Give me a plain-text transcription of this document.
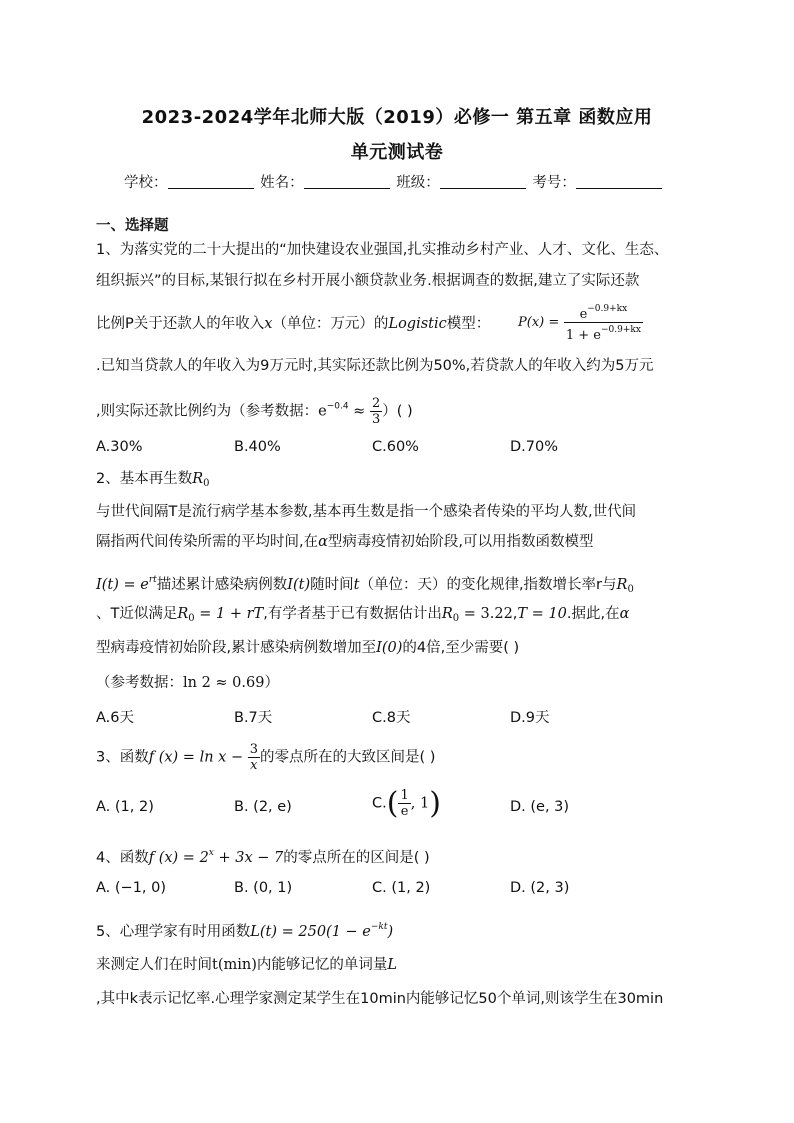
2023-2024学年北师大版（2019）必修一 第五章 函数应用
单元测试卷
学校：	姓名：	班级：	考号：
一、选择题
1、为落实党的二十大提出的“加快建设农业强国,扎实推动乡村产业、人才、文化、生态、
组织振兴”的目标,某银行拟在乡村开展小额贷款业务.根据调查的数据,建立了实际还款
比例P关于还款人的年收入x（单位：万元）的Logistic模型： $P(x) = \frac{e^{-0.9+kx}}{1 + e^{-0.9+kx}}$
.已知当贷款人的年收入为9万元时,其实际还款比例为50%,若贷款人的年收入约为5万元
,则实际还款比例约为（参考数据：$e^{-0.4} \approx \frac{2}{3}$ ）( )
A.30%	B.40%	C.60%	D.70%
2、基本再生数$R_0$
与世代间隔T是流行病学基本参数,基本再生数是指一个感染者传染的平均人数,世代间
隔指两代间传染所需的平均时间,在α型病毒疫情初始阶段,可以用指数函数模型
$I(t) = e^{rt}$描述累计感染病例数I(t)随时间t（单位：天）的变化规律,指数增长率r与$R_0$
、T近似满足$R_0 = 1$ + rT,有学者基于已有数据估计出$R_0 = 3.22,T = 10$.据此,在α
型病毒疫情初始阶段,累计感染病例数增加至I(0)的4倍,至少需要( )
（参考数据：ln 2 ≈ 0.69）
A.6天	B.7天	C.8天	D.9天
3、函数f $(x) = \ln x - \frac{3}{x}$ 的零点所在的大致区间是( )
A. (1, 2)	B. (2, e)	$C.( \frac{1}{e}$ , 1)	D. (e, 3)
4、函数f $(x) = 2^x + 3x - 7$的零点所在的区间是( )
A. (−1, 0)	B. (0, 1)	C. (1, 2)	D. (2, 3)
5、心理学家有时用函数$L(t) = 250(1 - e^{-kt})$
来测定人们在时间t(min)内能够记忆的单词量L
,其中k表示记忆率.心理学家测定某学生在10min内能够记忆50个单词,则该学生在30min
